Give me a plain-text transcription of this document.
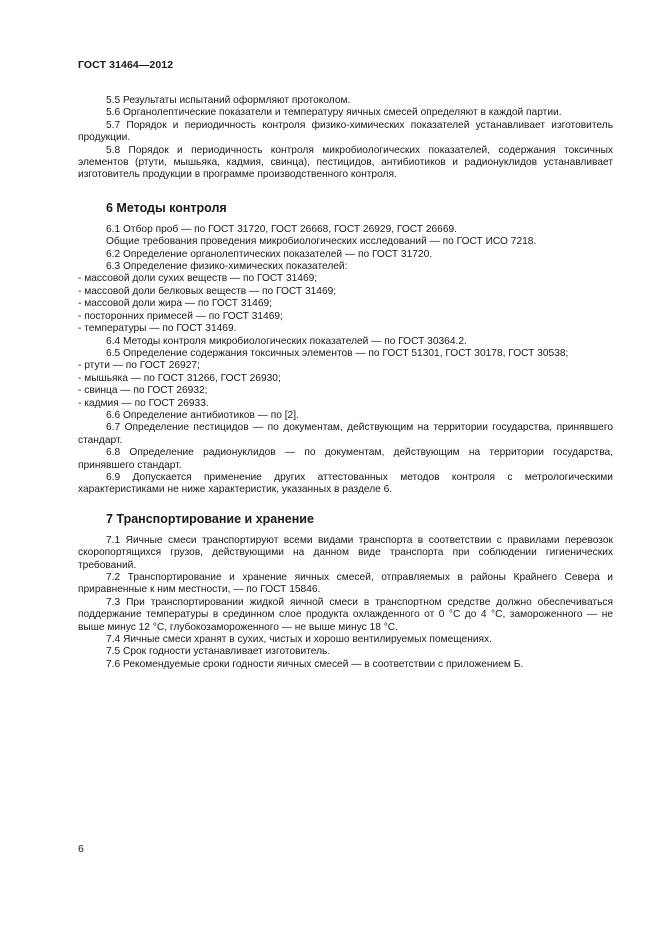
ГОСТ 31464—2012

5.5 Результаты испытаний оформляют протоколом.

5.6 Органолептические показатели и температуру яичных смесей определяют в каждой партии.

5.7 Порядок и периодичность контроля физико-химических показателей устанавливает изготовитель продукции.

5.8 Порядок и периодичность контроля микробиологических показателей, содержания токсичных элементов (ртути, мышьяка, кадмия, свинца), пестицидов, антибиотиков и радионуклидов устанавливает изготовитель продукции в программе производственного контроля.

6 Методы контроля

6.1 Отбор проб — по ГОСТ 31720, ГОСТ 26668, ГОСТ 26929, ГОСТ 26669.

Общие требования проведения микробиологических исследований — по ГОСТ ИСО 7218.

6.2 Определение органолептических показателей — по ГОСТ 31720.

6.3 Определение физико-химических показателей:

- массовой доли сухих веществ — по ГОСТ 31469;

- массовой доли белковых веществ — по ГОСТ 31469;

- массовой доли жира — по ГОСТ 31469;

- посторонних примесей — по ГОСТ 31469;

- температуры — по ГОСТ 31469.

6.4 Методы контроля микробиологических показателей — по ГОСТ 30364.2.

6.5 Определение содержания токсичных элементов — по ГОСТ 51301, ГОСТ 30178, ГОСТ 30538;

- ртути — по ГОСТ 26927;

- мышьяка — по ГОСТ 31266, ГОСТ 26930;

- свинца — по ГОСТ 26932;

- кадмия — по ГОСТ 26933.

6.6 Определение антибиотиков — по [2].

6.7 Определение пестицидов — по документам, действующим на территории государства, принявшего стандарт.

6.8 Определение радионуклидов — по документам, действующим на территории государства, принявшего стандарт.

6.9 Допускается применение других аттестованных методов контроля с метрологическими характеристиками не ниже характеристик, указанных в разделе 6.

7 Транспортирование и хранение

7.1 Яичные смеси транспортируют всеми видами транспорта в соответствии с правилами перевозок скоропортящихся грузов, действующими на данном виде транспорта при соблюдении гигиенических требований.

7.2 Транспортирование и хранение яичных смесей, отправляемых в районы Крайнего Севера и приравненные к ним местности, — по ГОСТ 15846.

7.3 При транспортировании жидкой яичной смеси в транспортном средстве должно обеспечиваться поддержание температуры в срединном слое продукта охлажденного от 0 °С до 4 °С, замороженного — не выше минус 12 °С, глубокозамороженного — не выше минус 18 °С.

7.4 Яичные смеси хранят в сухих, чистых и хорошо вентилируемых помещениях.

7.5 Срок годности устанавливает изготовитель.

7.6 Рекомендуемые сроки годности яичных смесей — в соответствии с приложением Б.

6
